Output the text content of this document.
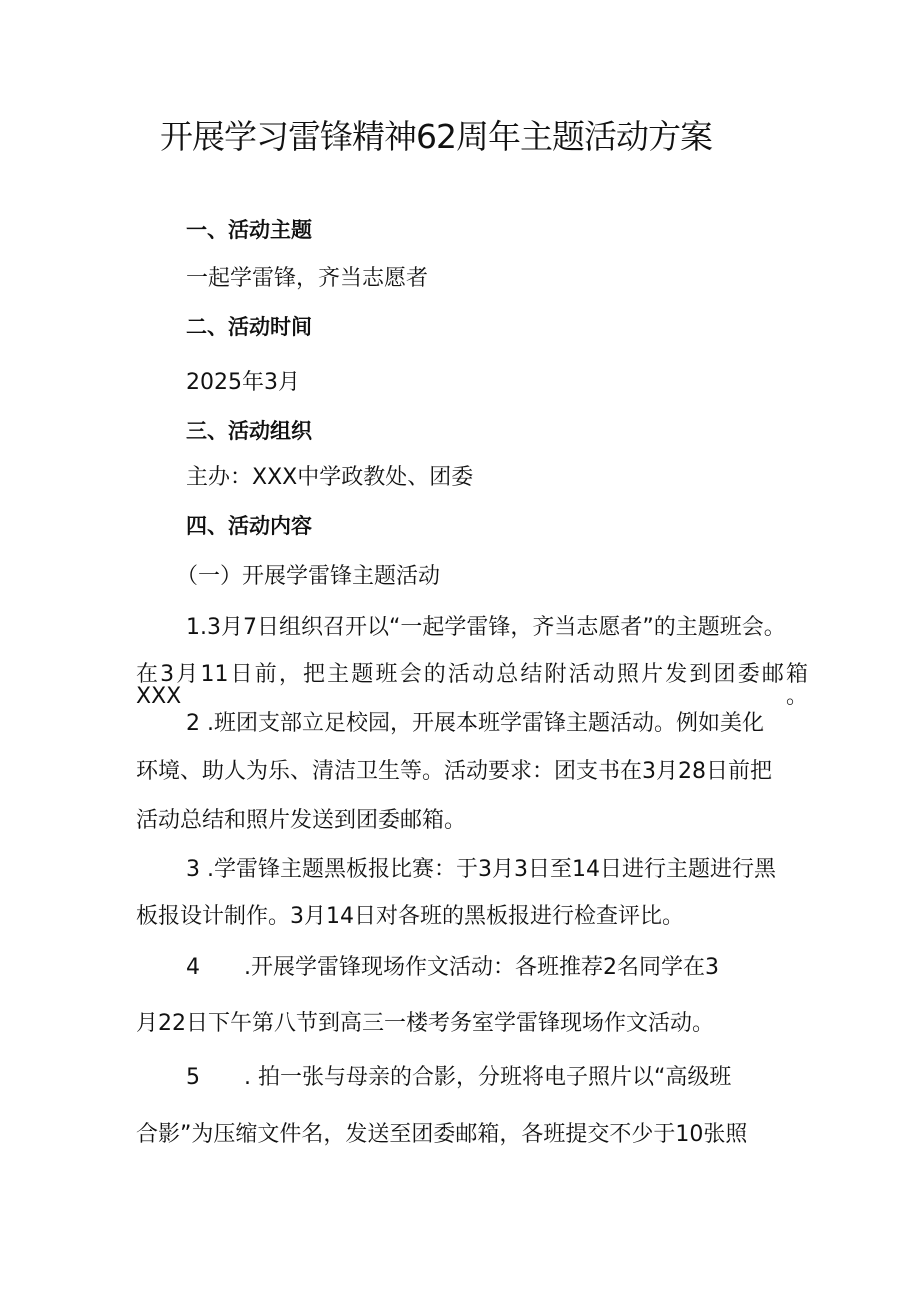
开展学习雷锋精神62周年主题活动方案

一、活动主题

一起学雷锋，齐当志愿者

二、活动时间

2025年3月

三、活动组织

主办：XXX中学政教处、团委

四、活动内容

（一）开展学雷锋主题活动

1.3月7日组织召开以“一起学雷锋，齐当志愿者”的主题班会。

在3月11日前，把主题班会的活动总结附活动照片发到团委邮箱XXX。

2 .班团支部立足校园，开展本班学雷锋主题活动。例如美化

环境、助人为乐、清洁卫生等。活动要求：团支书在3月28日前把

活动总结和照片发送到团委邮箱。

3 .学雷锋主题黑板报比赛：于3月3日至14日进行主题进行黑

板报设计制作。3月14日对各班的黑板报进行检查评比。

4 .开展学雷锋现场作文活动：各班推荐2名同学在3

月22日下午第八节到高三一楼考务室学雷锋现场作文活动。

5 . 拍一张与母亲的合影，分班将电子照片以“高级班

合影”为压缩文件名，发送至团委邮箱，各班提交不少于10张照
